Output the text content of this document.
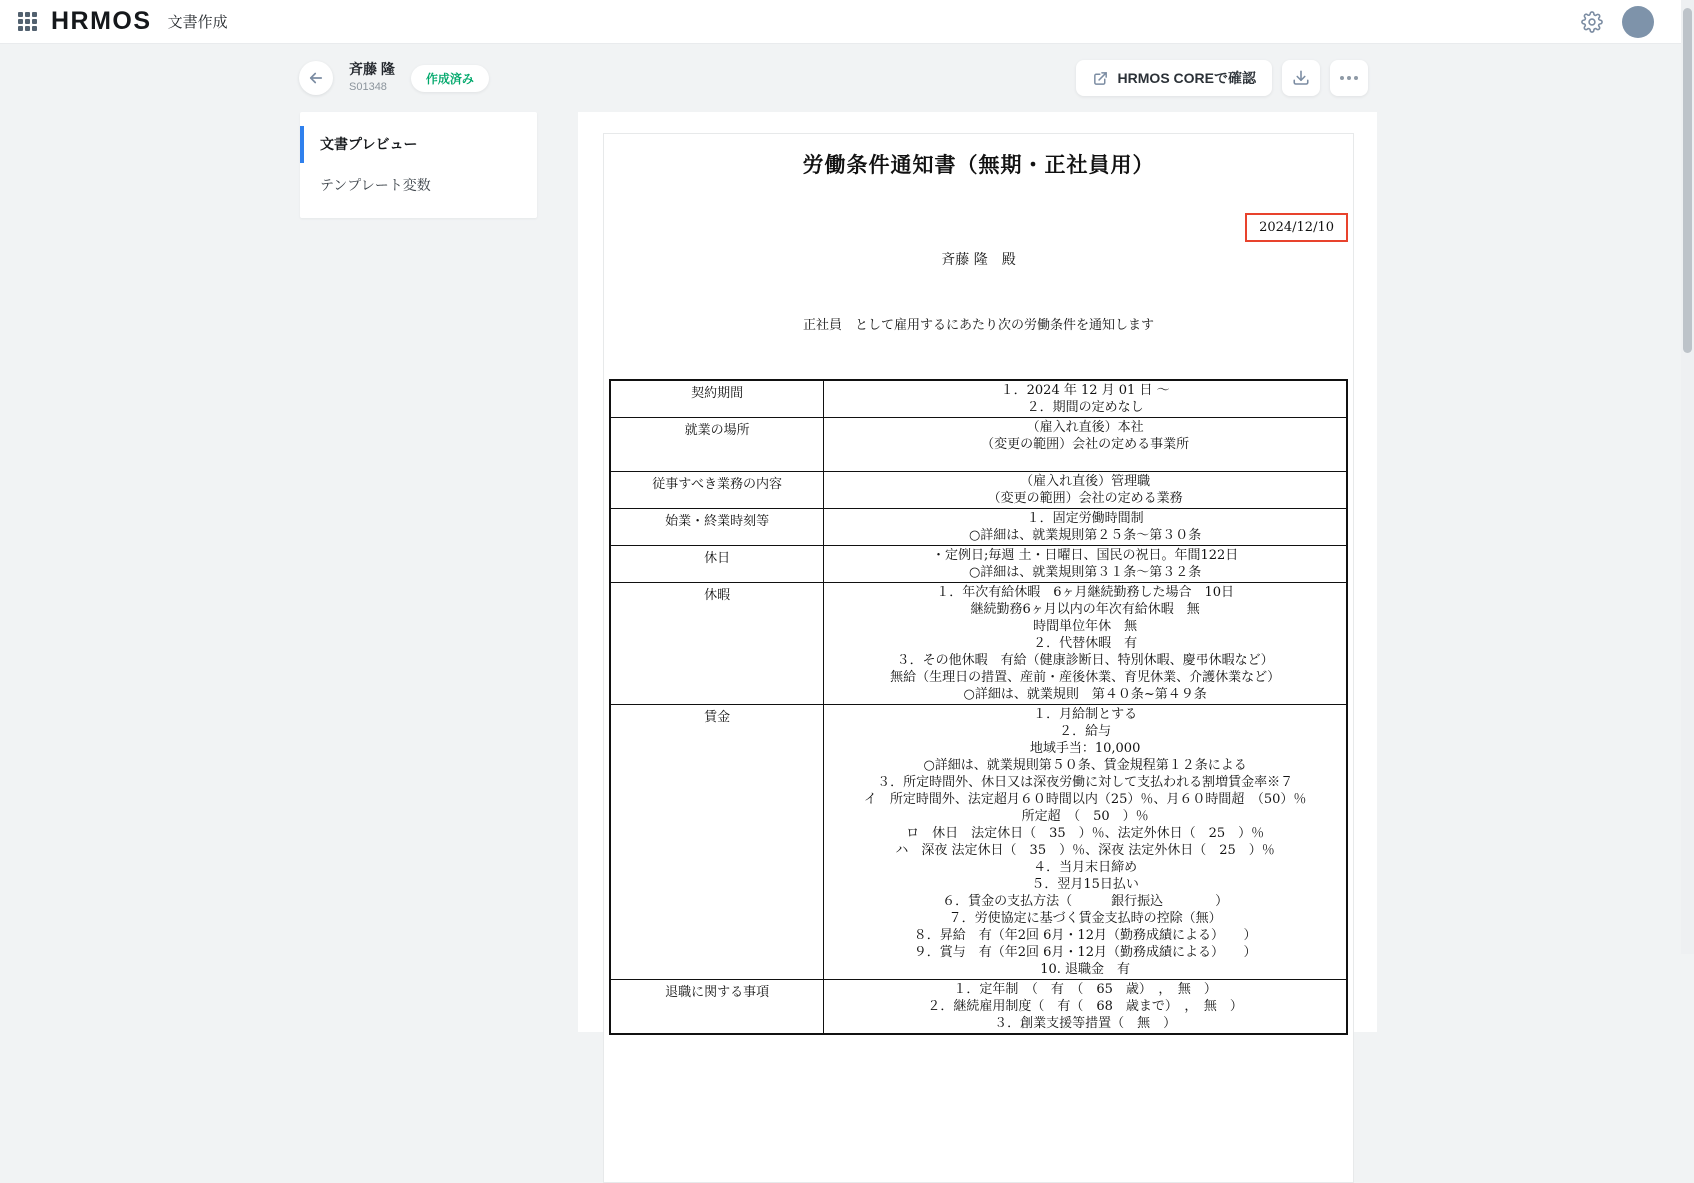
HRMOS 文書作成
斉藤 隆
S01348
作成済み	HRMOS COREで確認
文書プレビュー
テンプレート変数
労働条件通知書（無期・正社員用）
2024/12/10
斉藤 隆　殿
正社員　として雇用するにあたり次の労働条件を通知します
契約期間	１．2024 年 12 月 01 日 ～
２．期間の定めなし

就業の場所	（雇入れ直後）本社
（変更の範囲）会社の定める事業所

従事すべき業務の内容	（雇入れ直後）管理職
（変更の範囲）会社の定める業務

始業・終業時刻等	１．固定労働時間制
○詳細は、就業規則第２５条～第３０条

休日	・定例日;毎週 土・日曜日、国民の祝日。年間122日
○詳細は、就業規則第３１条～第３２条

休暇	１．年次有給休暇　6ヶ月継続勤務した場合　10日
継続勤務6ヶ月以内の年次有給休暇　無
時間単位年休　無
２．代替休暇　有
３．その他休暇　有給（健康診断日、特別休暇、慶弔休暇など）
無給（生理日の措置、産前・産後休業、育児休業、介護休業など）
○詳細は、就業規則　第４０条~第４９条

賃金	１．月給制とする
２．給与
地域手当：10,000
○詳細は、就業規則第５０条、賃金規程第１２条による
３．所定時間外、休日又は深夜労働に対して支払われる割増賃金率※７
イ　所定時間外、法定超月６０時間以内（25）％、月６０時間超　（50）％
所定超　（　50　）％
ロ　休日　法定休日（　35　）％、法定外休日（　25　）％
ハ　深夜 法定休日（　35　）％、深夜 法定外休日（　25　）％
４．当月末日締め
５．翌月15日払い
６．賃金の支払方法（　　　銀行振込　　　　）
７．労使協定に基づく賃金支払時の控除（無）
８．昇給　有（年2回 6月・12月（勤務成績による）　　）
９．賞与　有（年2回 6月・12月（勤務成績による）　　）
10. 退職金　有

退職に関する事項	１．定年制　（　有　（　65　歳）　，　無　）
２．継続雇用制度（　有（　68　歳まで）　，　無　）
３．創業支援等措置（　無　）
